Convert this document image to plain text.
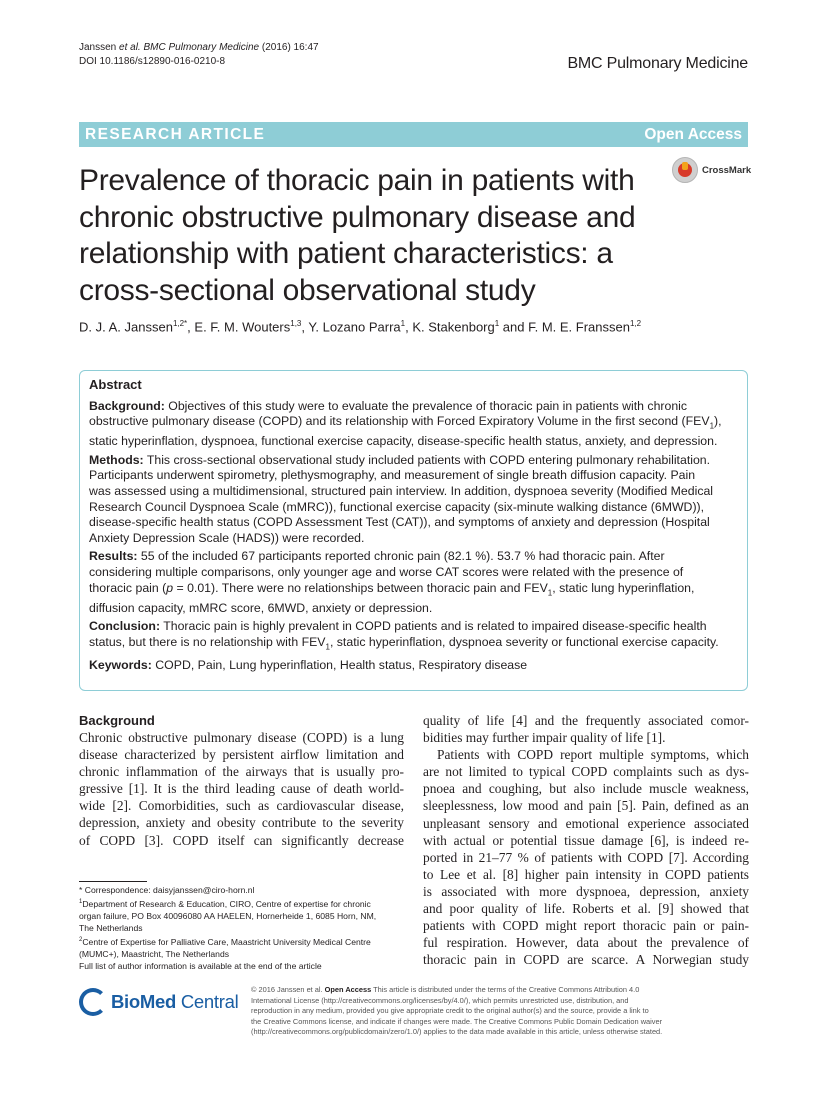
Janssen et al. BMC Pulmonary Medicine (2016) 16:47
DOI 10.1186/s12890-016-0210-8	BMC Pulmonary Medicine
RESEARCH ARTICLE	Open Access
Prevalence of thoracic pain in patients with
chronic obstructive pulmonary disease and
relationship with patient characteristics: a
cross-sectional observational study
CrossMark
D. J. A. Janssen$^{1,2*}$, E. F. M. Wouters$^{1,3}$, Y. Lozano Parra$^1$, K. Stakenborg$^1$ and F. M. E. Franssen$^{1,2}$
Abstract
Background: Objectives of this study were to evaluate the prevalence of thoracic pain in patients with chronic
obstructive pulmonary disease (COPD) and its relationship with Forced Expiratory Volume in the first second $(FEV_1)$,
static hyperinflation, dyspnoea, functional exercise capacity, disease-specific health status, anxiety, and depression.
Methods: This cross-sectional observational study included patients with COPD entering pulmonary rehabilitation.
Participants underwent spirometry, plethysmography, and measurement of single breath diffusion capacity. Pain
was assessed using a multidimensional, structured pain interview. In addition, dyspnoea severity (Modified Medical
Research Council Dyspnoea Scale (mMRC)), functional exercise capacity (six-minute walking distance (6MWD)),
disease-specific health status (COPD Assessment Test (CAT)), and symptoms of anxiety and depression (Hospital
Anxiety Depression Scale (HADS)) were recorded.
Results: 55 of the included 67 participants reported chronic pain (82.1 %). 53.7 % had thoracic pain. After
considering multiple comparisons, only younger age and worse CAT scores were related with the presence of
thoracic pain (p = 0.01). There were no relationships between thoracic pain and $FEV_1$, static lung hyperinflation,
diffusion capacity, mMRC score, 6MWD, anxiety or depression.
Conclusion: Thoracic pain is highly prevalent in COPD patients and is related to impaired disease-specific health
status, but there is no relationship with $FEV_1$, static hyperinflation, dyspnoea severity or functional exercise capacity.
Keywords: COPD, Pain, Lung hyperinflation, Health status, Respiratory disease
Background
Chronic obstructive pulmonary disease (COPD) is a lung
disease characterized by persistent airflow limitation and
chronic inflammation of the airways that is usually pro-
gressive [1]. It is the third leading cause of death world-
wide [2]. Comorbidities, such as cardiovascular disease,
depression, anxiety and obesity contribute to the severity
of COPD [3]. COPD itself can significantly decrease
quality of life [4] and the frequently associated comor-
bidities may further impair quality of life [1].
Patients with COPD report multiple symptoms, which
are not limited to typical COPD complaints such as dys-
pnoea and coughing, but also include muscle weakness,
sleeplessness, low mood and pain [5]. Pain, defined as an
unpleasant sensory and emotional experience associated
with actual or potential tissue damage [6], is indeed re-
ported in 21–77 % of patients with COPD [7]. According
to Lee et al. [8] higher pain intensity in COPD patients
is associated with more dyspnoea, depression, anxiety
and poor quality of life. Roberts et al. [9] showed that
patients with COPD might report thoracic pain or pain-
ful respiration. However, data about the prevalence of
thoracic pain in COPD are scarce. A Norwegian study
* Correspondence: daisyjanssen@ciro-horn.nl
$^1$Department of Research & Education, CIRO, Centre of expertise for chronic
organ failure, PO Box 40096080 AA HAELEN, Hornerheide 1, 6085 Horn, NM,
The Netherlands
$^2$Centre of Expertise for Palliative Care, Maastricht University Medical Centre
(MUMC+), Maastricht, The Netherlands
Full list of author information is available at the end of the article
BioMed Central
© 2016 Janssen et al. Open Access This article is distributed under the terms of the Creative Commons Attribution 4.0
International License (http://creativecommons.org/licenses/by/4.0/), which permits unrestricted use, distribution, and
reproduction in any medium, provided you give appropriate credit to the original author(s) and the source, provide a link to
the Creative Commons license, and indicate if changes were made. The Creative Commons Public Domain Dedication waiver
(http://creativecommons.org/publicdomain/zero/1.0/) applies to the data made available in this article, unless otherwise stated.
